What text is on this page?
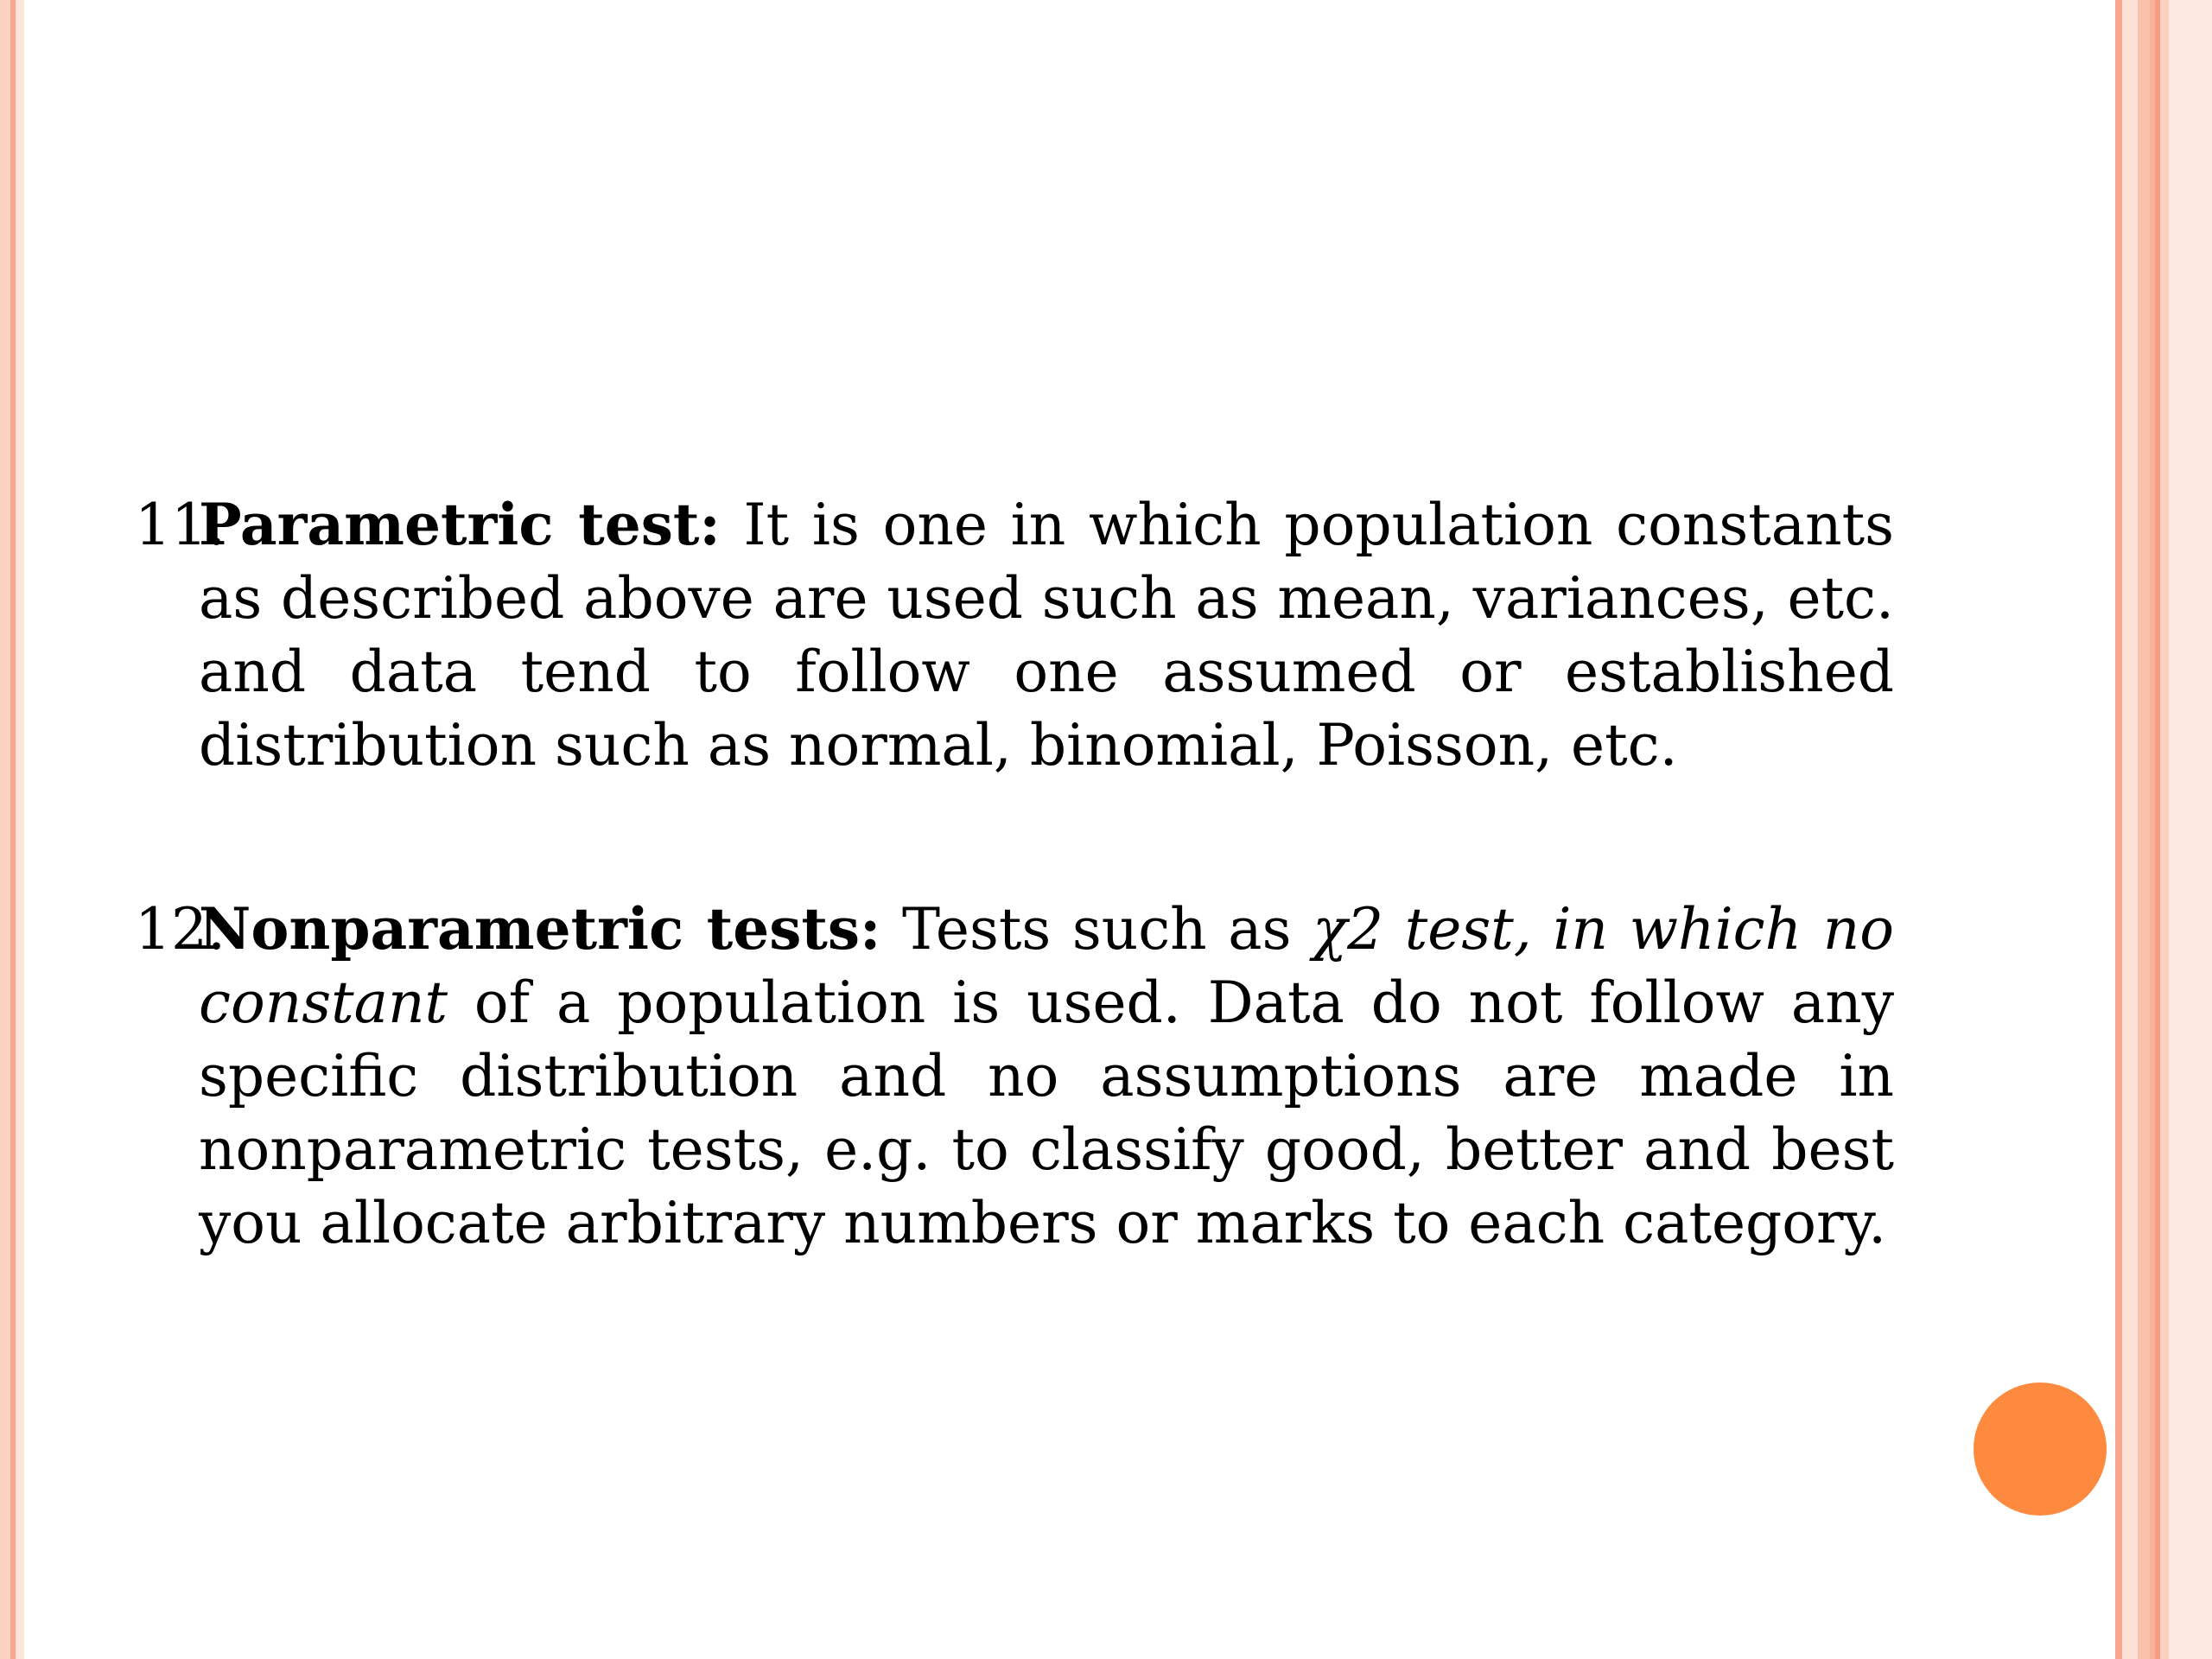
11.
Parametric test: It is one in which population constants as described above are used such as mean, variances, etc. and data tend to follow one assumed or established distribution such as normal, binomial, Poisson, etc.

12.
Nonparametric tests: Tests such as χ2 test, in which no constant of a population is used. Data do not follow any specific distribution and no assumptions are made in nonparametric tests, e.g. to classify good, better and best you allocate arbitrary numbers or marks to each category.
